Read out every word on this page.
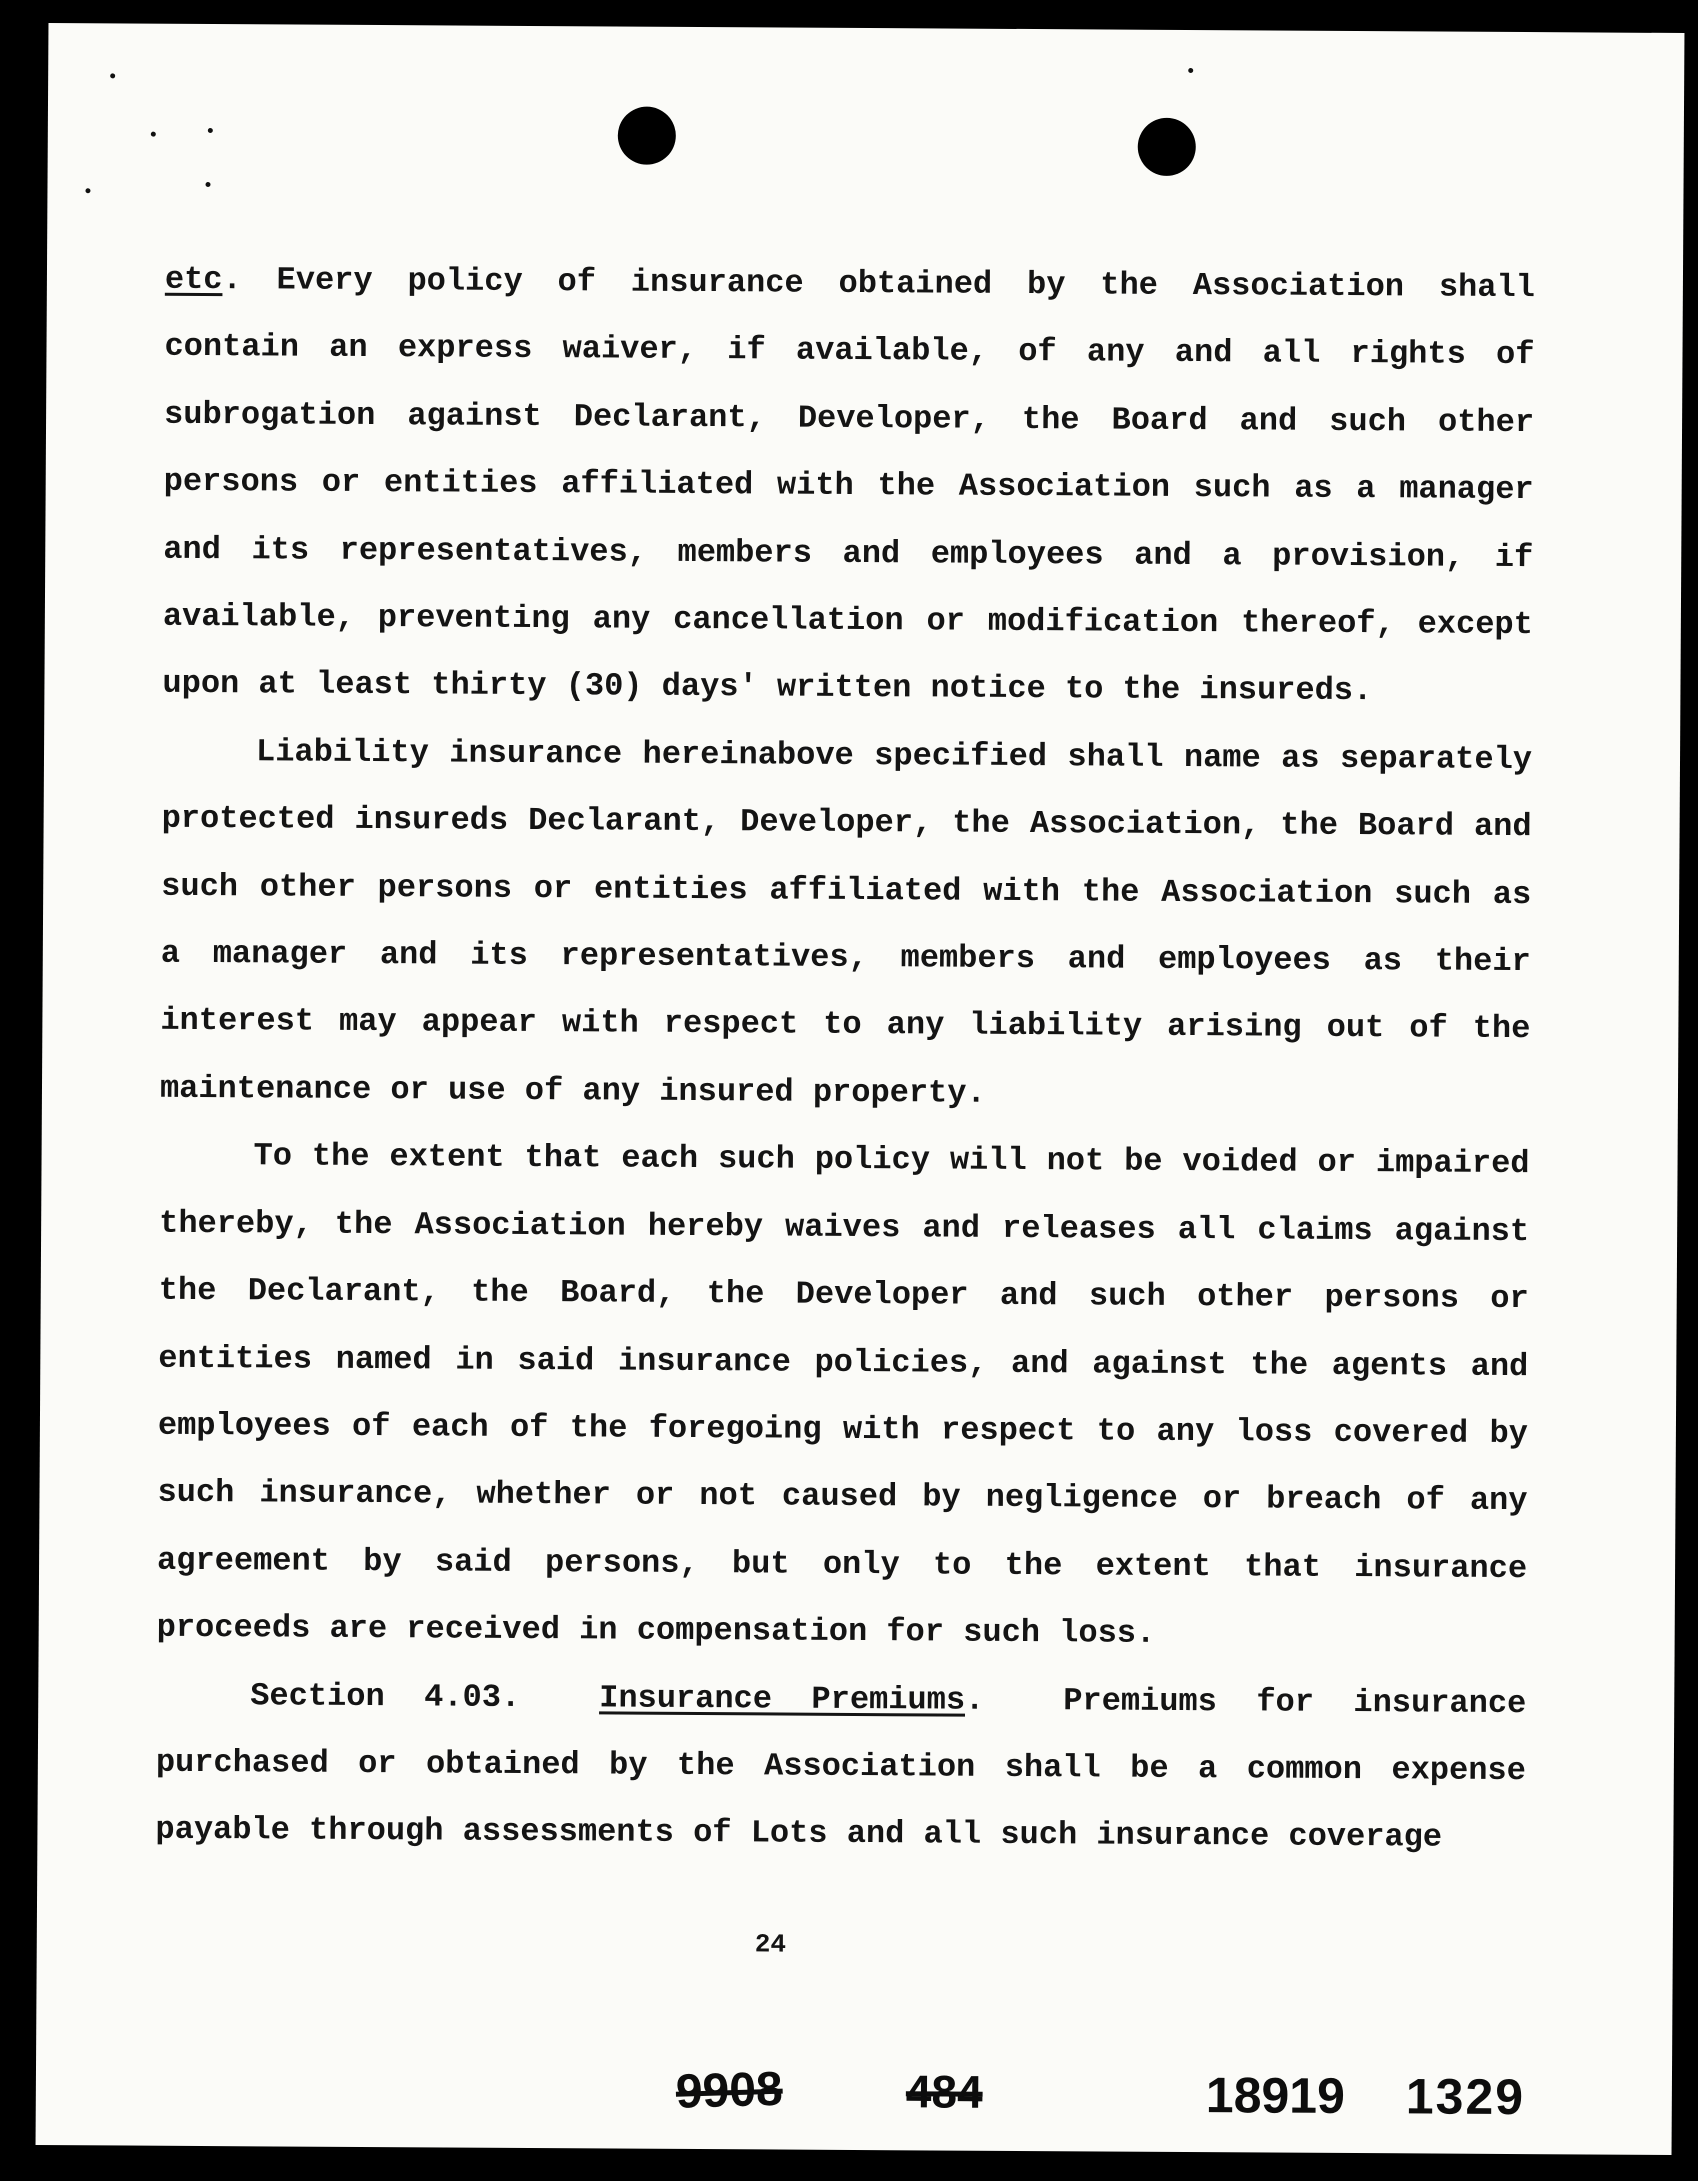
etc. Every policy of insurance obtained by the Association shall contain an express waiver, if available, of any and all rights of subrogation against Declarant, Developer, the Board and such other persons or entities affiliated with the Association such as a manager and its representatives, members and employees and a provision, if available, preventing any cancellation or modification thereof, except upon at least thirty (30) days' written notice to the insureds.

Liability insurance hereinabove specified shall name as separately protected insureds Declarant, Developer, the Association, the Board and such other persons or entities affiliated with the Association such as a manager and its representatives, members and employees as their interest may appear with respect to any liability arising out of the maintenance or use of any insured property.

To the extent that each such policy will not be voided or impaired thereby, the Association hereby waives and releases all claims against the Declarant, the Board, the Developer and such other persons or entities named in said insurance policies, and against the agents and employees of each of the foregoing with respect to any loss covered by such insurance, whether or not caused by negligence or breach of any agreement by said persons, but only to the extent that insurance proceeds are received in compensation for such loss.

Section 4.03. Insurance Premiums. Premiums for insurance purchased or obtained by the Association shall be a common expense payable through assessments of Lots and all such insurance coverage

24
9908	484	18919 1329
